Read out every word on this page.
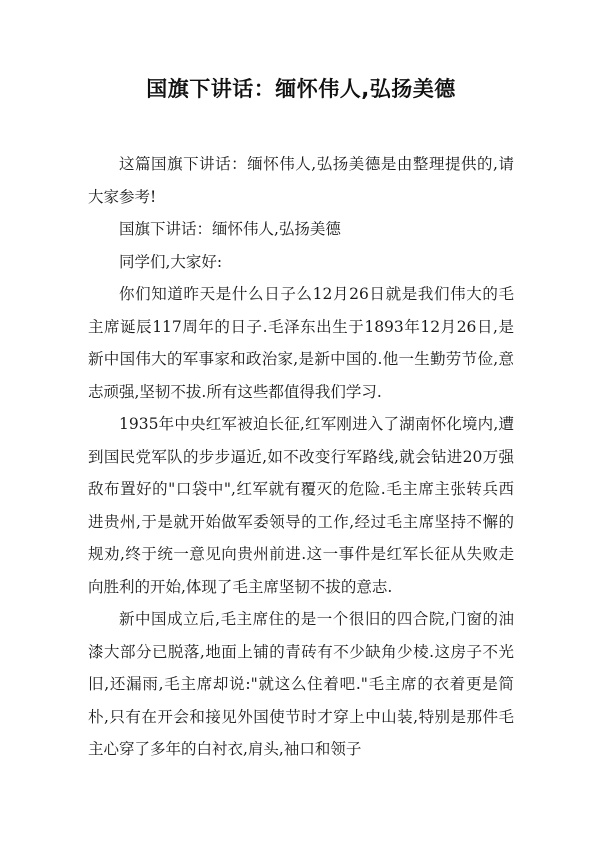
国旗下讲话：缅怀伟人,弘扬美德

这篇国旗下讲话：缅怀伟人,弘扬美德是由整理提供的,请大家参考!

国旗下讲话：缅怀伟人,弘扬美德

同学们,大家好:

你们知道昨天是什么日子么12月26日就是我们伟大的毛主席诞辰117周年的日子.毛泽东出生于1893年12月26日,是新中国伟大的军事家和政治家,是新中国的.他一生勤劳节俭,意志顽强,坚韧不拔.所有这些都值得我们学习.

1935年中央红军被迫长征,红军刚进入了湖南怀化境内,遭到国民党军队的步步逼近,如不改变行军路线,就会钻进20万强敌布置好的"口袋中",红军就有覆灭的危险.毛主席主张转兵西进贵州,于是就开始做军委领导的工作,经过毛主席坚持不懈的规劝,终于统一意见向贵州前进.这一事件是红军长征从失败走向胜利的开始,体现了毛主席坚韧不拔的意志.

新中国成立后,毛主席住的是一个很旧的四合院,门窗的油漆大部分已脱落,地面上铺的青砖有不少缺角少棱.这房子不光旧,还漏雨,毛主席却说:"就这么住着吧."毛主席的衣着更是简朴,只有在开会和接见外国使节时才穿上中山装,特别是那件毛主心穿了多年的白衬衣,肩头,袖口和领子
